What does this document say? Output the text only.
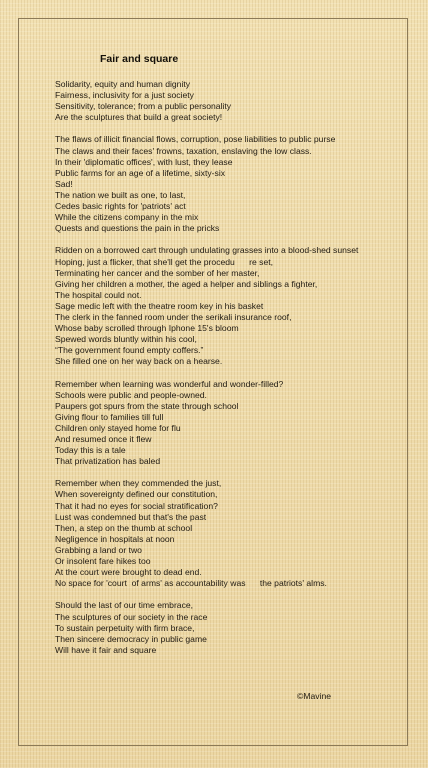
Fair and square
Solidarity, equity and human dignity
Fairness, inclusivity for a just society
Sensitivity, tolerance; from a public personality
Are the sculptures that build a great society!
The flaws of illicit financial flows, corruption, pose liabilities to public purse
The claws and their faces' frowns, taxation, enslaving the low class.
In their 'diplomatic offices', with lust, they lease
Public farms for an age of a lifetime, sixty-six
Sad!
The nation we built as one, to last,
Cedes basic rights for 'patriots' act
While the citizens company in the mix
Quests and questions the pain in the pricks
Ridden on a borrowed cart through undulating grasses into a blood-shed sunset
Hoping, just a flicker, that she'll get the procedu      re set,
Terminating her cancer and the somber of her master,
Giving her children a mother, the aged a helper and siblings a fighter,
The hospital could not.
Sage medic left with the theatre room key in his basket
The clerk in the fanned room under the serikali insurance roof,
Whose baby scrolled through Iphone 15's bloom
Spewed words bluntly within his cool,
“The government found empty coffers.”
She filled one on her way back on a hearse.
Remember when learning was wonderful and wonder-filled?
Schools were public and people-owned.
Paupers got spurs from the state through school
Giving flour to families till full
Children only stayed home for flu
And resumed once it flew
Today this is a tale
That privatization has baled
Remember when they commended the just,
When sovereignty defined our constitution,
That it had no eyes for social stratification?
Lust was condemned but that's the past
Then, a step on the thumb at school
Negligence in hospitals at noon
Grabbing a land or two
Or insolent fare hikes too
At the court were brought to dead end.
No space for 'court  of arms' as accountability was      the patriots' alms.
Should the last of our time embrace,
The sculptures of our society in the race
To sustain perpetuity with firm brace,
Then sincere democracy in public game
Will have it fair and square
©Mavine
